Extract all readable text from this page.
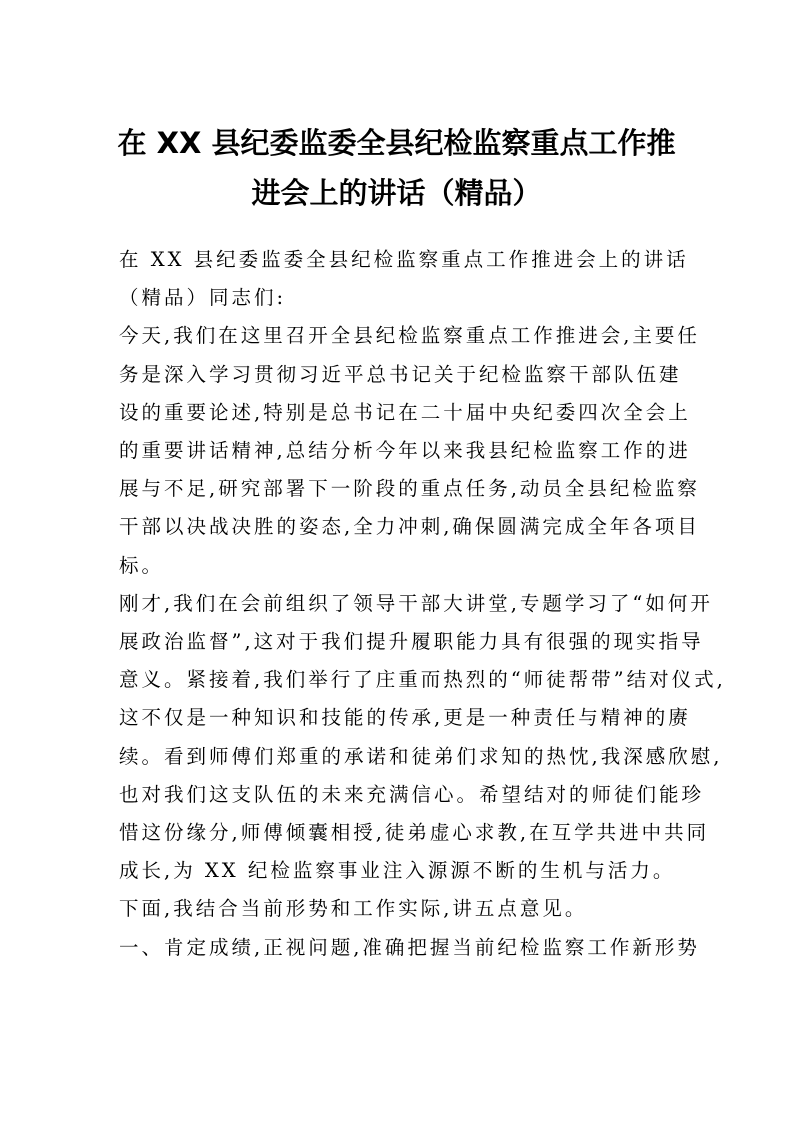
在 XX 县纪委监委全县纪检监察重点工作推
进会上的讲话（精品）
在 XX 县纪委监委全县纪检监察重点工作推进会上的讲话
（精品）同志们:
今天,我们在这里召开全县纪检监察重点工作推进会,主要任
务是深入学习贯彻习近平总书记关于纪检监察干部队伍建
设的重要论述,特别是总书记在二十届中央纪委四次全会上
的重要讲话精神,总结分析今年以来我县纪检监察工作的进
展与不足,研究部署下一阶段的重点任务,动员全县纪检监察
干部以决战决胜的姿态,全力冲刺,确保圆满完成全年各项目
标。
刚才,我们在会前组织了领导干部大讲堂,专题学习了“如何开
展政治监督”,这对于我们提升履职能力具有很强的现实指导
意义。紧接着,我们举行了庄重而热烈的“师徒帮带”结对仪式,
这不仅是一种知识和技能的传承,更是一种责任与精神的赓
续。看到师傅们郑重的承诺和徒弟们求知的热忱,我深感欣慰,
也对我们这支队伍的未来充满信心。希望结对的师徒们能珍
惜这份缘分,师傅倾囊相授,徒弟虚心求教,在互学共进中共同
成长,为 XX 纪检监察事业注入源源不断的生机与活力。
下面,我结合当前形势和工作实际,讲五点意见。
一、肯定成绩,正视问题,准确把握当前纪检监察工作新形势
